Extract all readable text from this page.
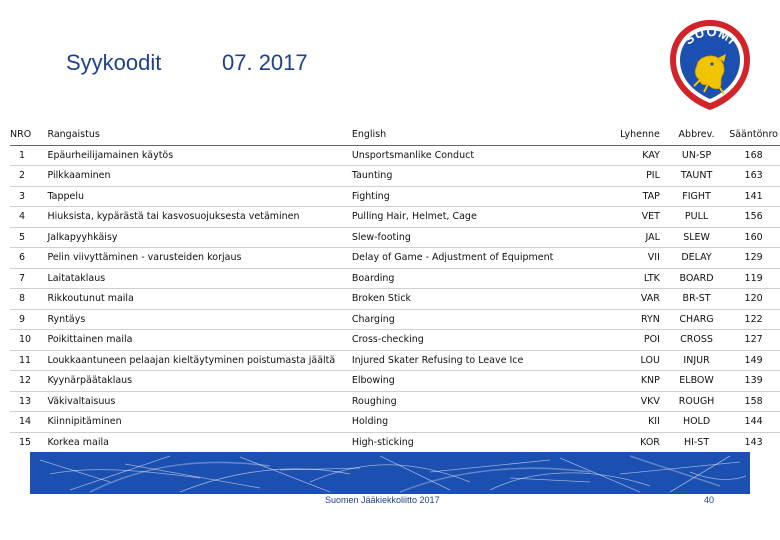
Syykoodit	07. 2017
SUOMI
NRO	Rangaistus	English	Lyhenne	Abbrev.	Sääntönro
1	Epäurheilijamainen käytös	Unsportsmanlike Conduct	KAY	UN-SP	168
2	Pilkkaaminen	Taunting	PIL	TAUNT	163
3	Tappelu	Fighting	TAP	FIGHT	141
4	Hiuksista, kypärästä tai kasvosuojuksesta vetäminen	Pulling Hair, Helmet, Cage	VET	PULL	156
5	Jalkapyyhkäisy	Slew-footing	JAL	SLEW	160
6	Pelin viivyttäminen - varusteiden korjaus	Delay of Game - Adjustment of Equipment	VII	DELAY	129
7	Laitataklaus	Boarding	LTK	BOARD	119
8	Rikkoutunut maila	Broken Stick	VAR	BR-ST	120
9	Ryntäys	Charging	RYN	CHARG	122
10	Poikittainen maila	Cross-checking	POI	CROSS	127
11	Loukkaantuneen pelaajan kieltäytyminen poistumasta jäältä	Injured Skater Refusing to Leave Ice	LOU	INJUR	149
12	Kyynärpäätaklaus	Elbowing	KNP	ELBOW	139
13	Väkivaltaisuus	Roughing	VKV	ROUGH	158
14	Kiinnipitäminen	Holding	KII	HOLD	144
15	Korkea maila	High-sticking	KOR	HI-ST	143
Suomen Jääkiekkoliitto 2017	40
